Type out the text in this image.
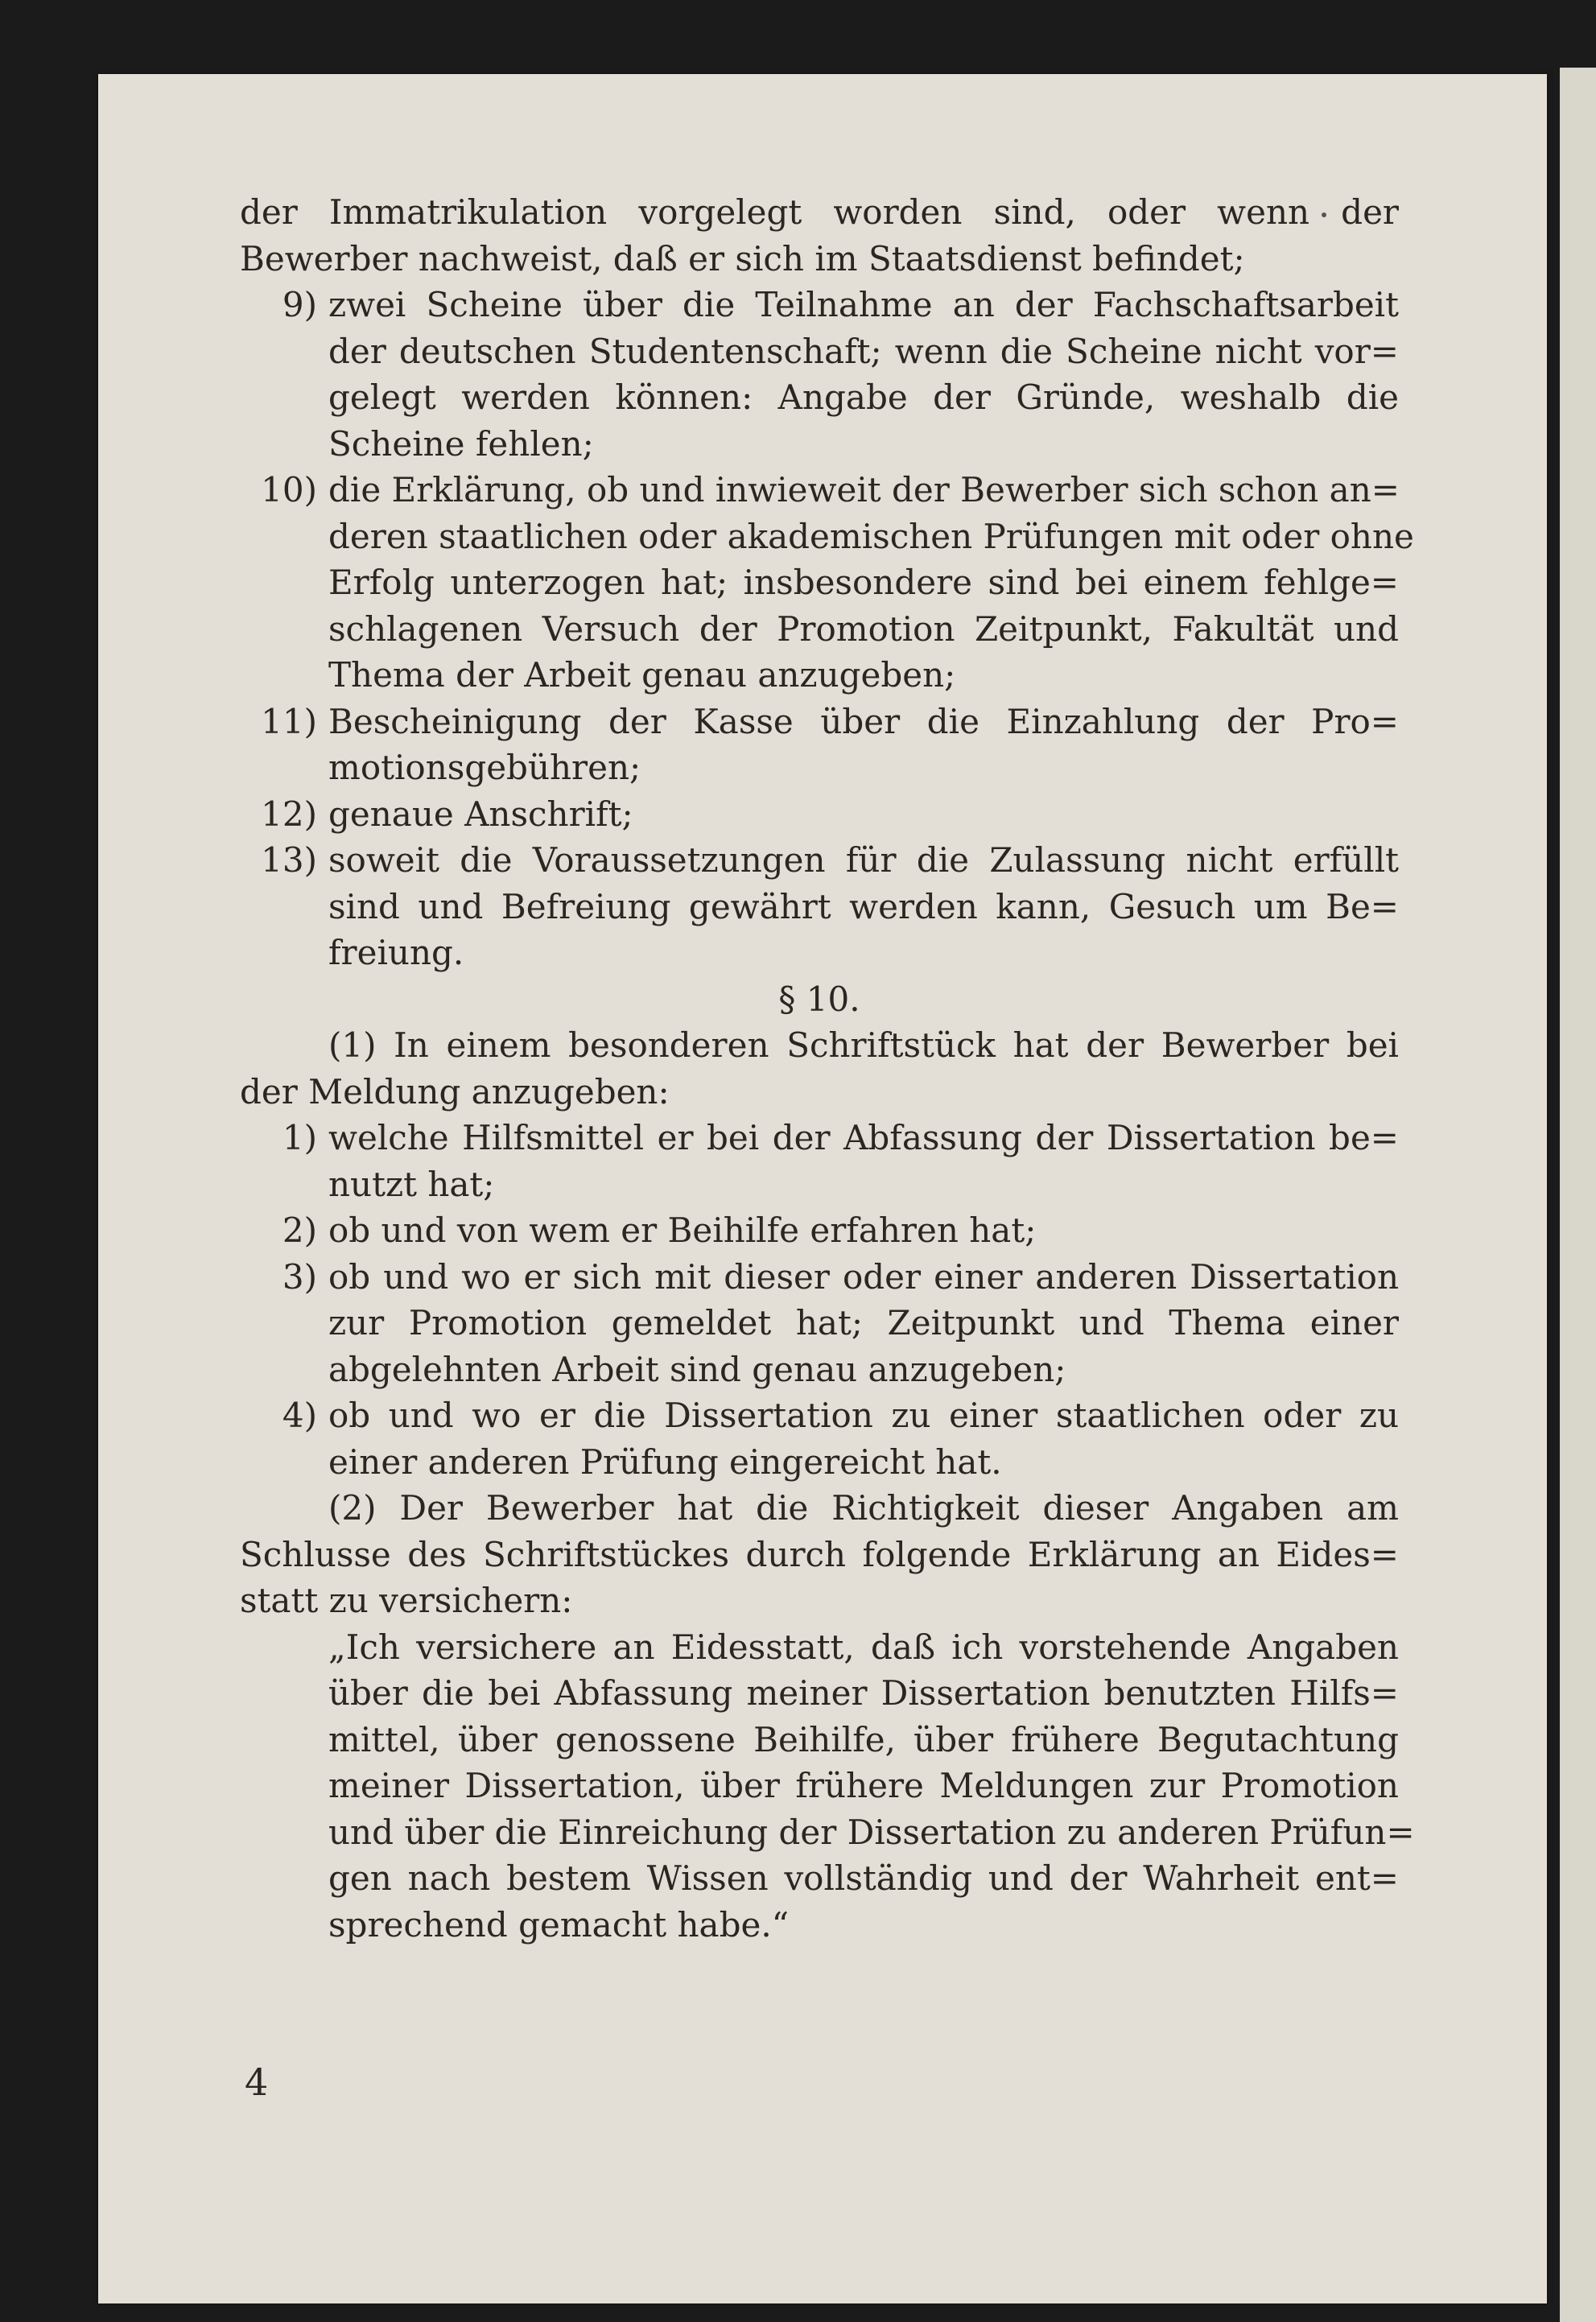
der Immatrikulation vorgelegt worden sind, oder wenn der
Bewerber nachweist, daß er sich im Staatsdienst befindet;
9) zwei Scheine über die Teilnahme an der Fachschaftsarbeit
der deutschen Studentenschaft; wenn die Scheine nicht vor=
gelegt werden können: Angabe der Gründe, weshalb die
Scheine fehlen;
10) die Erklärung, ob und inwieweit der Bewerber sich schon an=
deren staatlichen oder akademischen Prüfungen mit oder ohne
Erfolg unterzogen hat; insbesondere sind bei einem fehlge=
schlagenen Versuch der Promotion Zeitpunkt, Fakultät und
Thema der Arbeit genau anzugeben;
11) Bescheinigung der Kasse über die Einzahlung der Pro=
motionsgebühren;
12) genaue Anschrift;
13) soweit die Voraussetzungen für die Zulassung nicht erfüllt
sind und Befreiung gewährt werden kann, Gesuch um Be=
freiung.
§ 10.
(1) In einem besonderen Schriftstück hat der Bewerber bei
der Meldung anzugeben:
1) welche Hilfsmittel er bei der Abfassung der Dissertation be=
nutzt hat;
2) ob und von wem er Beihilfe erfahren hat;
3) ob und wo er sich mit dieser oder einer anderen Dissertation
zur Promotion gemeldet hat; Zeitpunkt und Thema einer
abgelehnten Arbeit sind genau anzugeben;
4) ob und wo er die Dissertation zu einer staatlichen oder zu
einer anderen Prüfung eingereicht hat.
(2) Der Bewerber hat die Richtigkeit dieser Angaben am
Schlusse des Schriftstückes durch folgende Erklärung an Eides=
statt zu versichern:
„Ich versichere an Eidesstatt, daß ich vorstehende Angaben
über die bei Abfassung meiner Dissertation benutzten Hilfs=
mittel, über genossene Beihilfe, über frühere Begutachtung
meiner Dissertation, über frühere Meldungen zur Promotion
und über die Einreichung der Dissertation zu anderen Prüfun=
gen nach bestem Wissen vollständig und der Wahrheit ent=
sprechend gemacht habe.“
4
